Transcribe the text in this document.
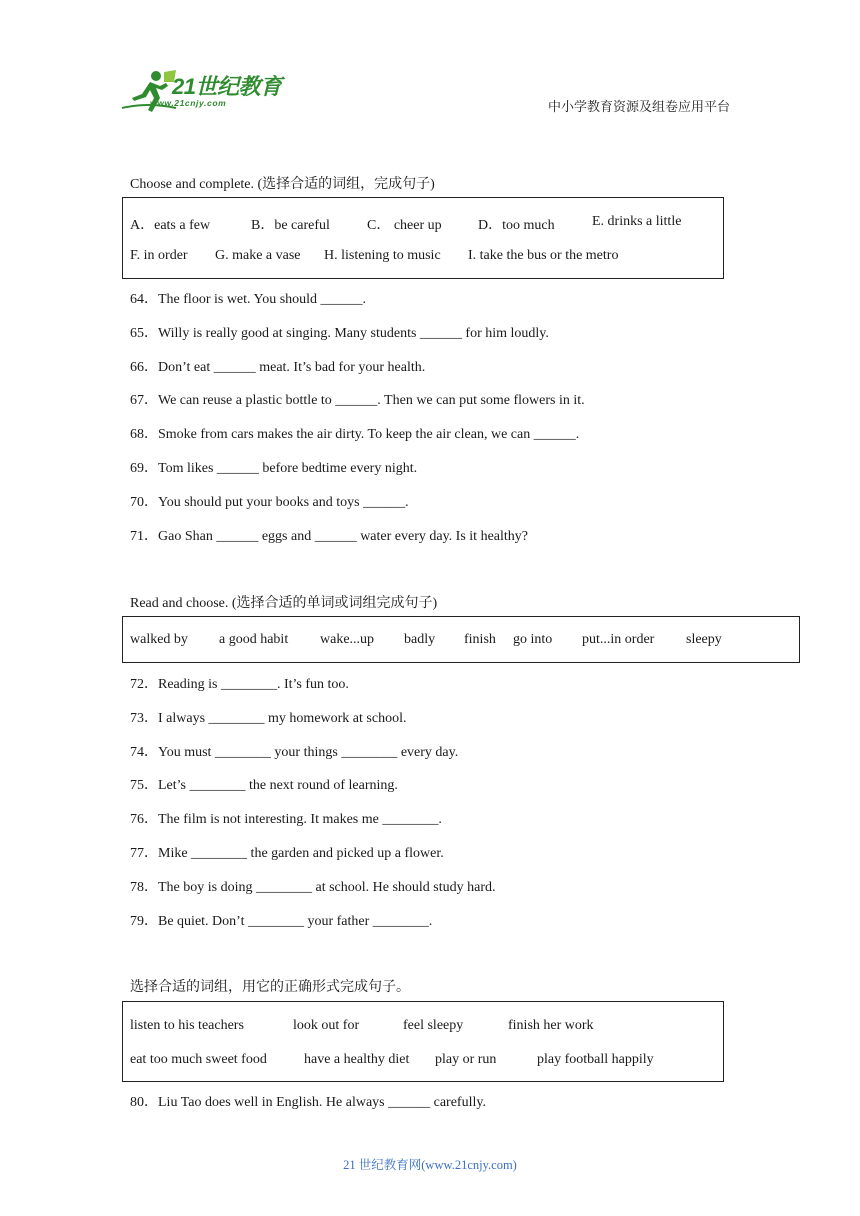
21世纪教育
www.21cnjy.com	中小学教育资源及组卷应用平台
Choose and complete. (选择合适的词组，完成句子)
A．eats a few	B．be careful	C． cheer up	D．too much	E. drinks a little
F. in order G. make a vase H. listening to music I. take the bus or the metro
64．The floor is wet. You should ______.
65．Willy is really good at singing. Many students ______ for him loudly.
66．Don’t eat ______ meat. It’s bad for your health.
67．We can reuse a plastic bottle to ______. Then we can put some flowers in it.
68．Smoke from cars makes the air dirty. To keep the air clean, we can ______.
69．Tom likes ______ before bedtime every night.
70．You should put your books and toys ______.
71．Gao Shan ______ eggs and ______ water every day. Is it healthy?
Read and choose. (选择合适的单词或词组完成句子)
walked by a good habit wake...up badly finish go into put...in order sleepy
72．Reading is ________. It’s fun too.
73．I always ________ my homework at school.
74．You must ________ your things ________ every day.
75．Let’s ________ the next round of learning.
76．The film is not interesting. It makes me ________.
77．Mike ________ the garden and picked up a flower.
78．The boy is doing ________ at school. He should study hard.
79．Be quiet. Don’t ________ your father ________.
选择合适的词组，用它的正确形式完成句子。
listen to his teachers	look out for	feel sleepy	finish her work
eat too much sweet food	have a healthy diet play or run	play football happily
80．Liu Tao does well in English. He always ______ carefully.
21 世纪教育网(www.21cnjy.com)
